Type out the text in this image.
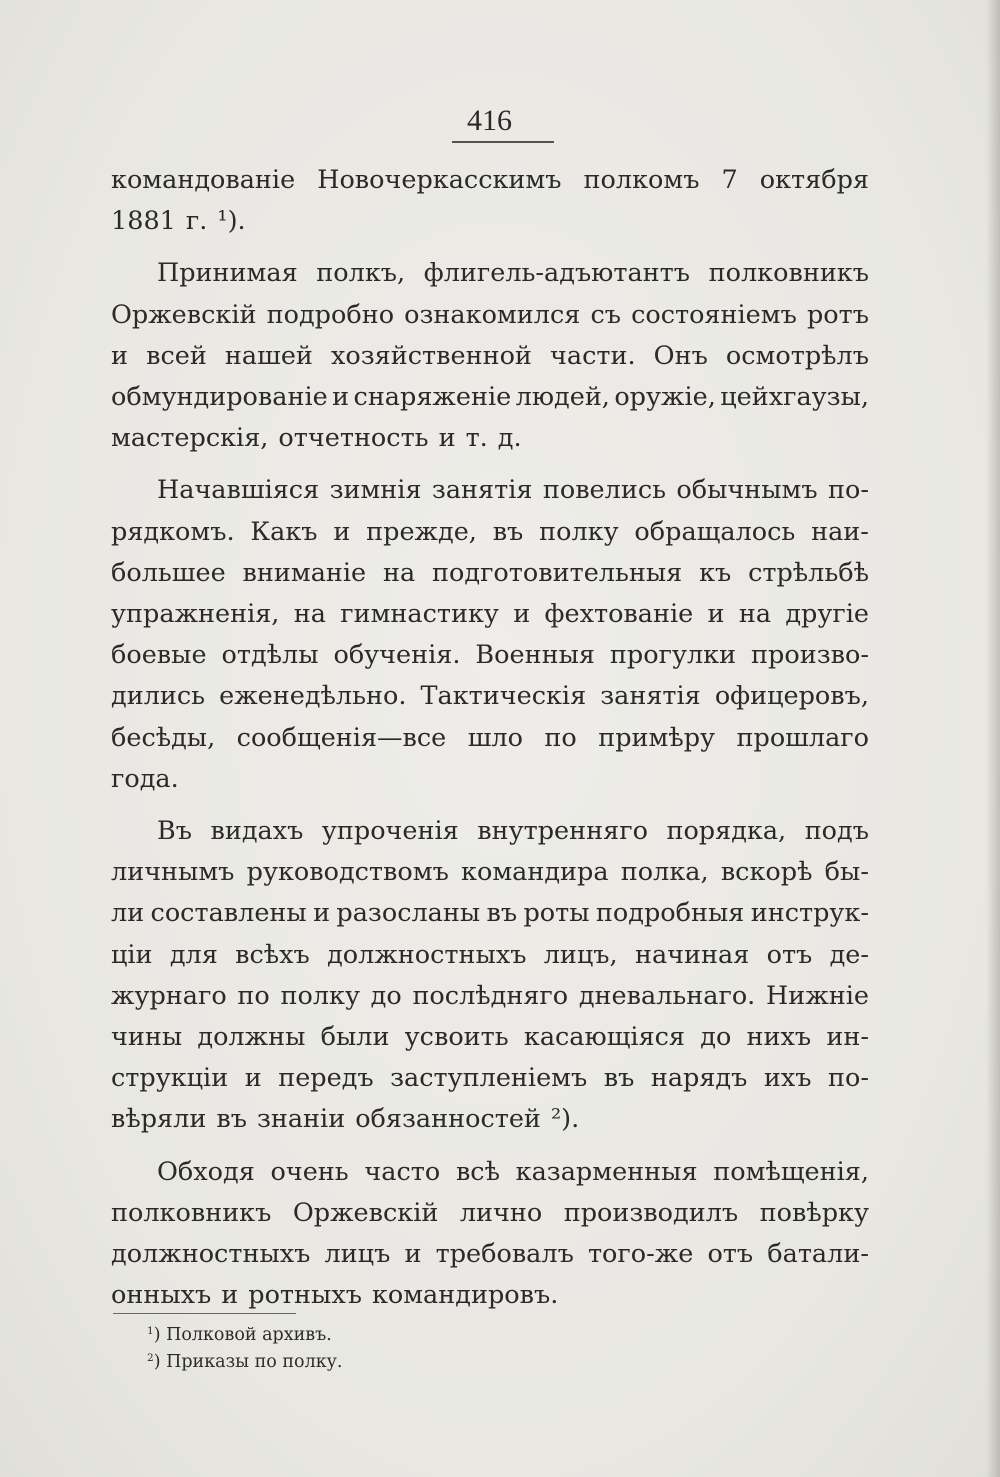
416
командованіе Новочеркасскимъ полкомъ 7 октября
1881 г. ¹).
Принимая полкъ, флигель-адъютантъ полковникъ
Оржевскій подробно ознакомился съ состояніемъ ротъ
и всей нашей хозяйственной части. Онъ осмотрѣлъ
обмундированіе и снаряженіе людей, оружіе, цейхгаузы,
мастерскія, отчетность и т. д.
Начавшіяся зимнія занятія повелись обычнымъ по-
рядкомъ. Какъ и прежде, въ полку обращалось наи-
большее вниманіе на подготовительныя къ стрѣльбѣ
упражненія, на гимнастику и фехтованіе и на другіе
боевые отдѣлы обученія. Военныя прогулки произво-
дились еженедѣльно. Тактическія занятія офицеровъ,
бесѣды, сообщенія—все шло по примѣру прошлаго
года.
Въ видахъ упроченія внутренняго порядка, подъ
личнымъ руководствомъ командира полка, вскорѣ бы-
ли составлены и разосланы въ роты подробныя инструк-
ціи для всѣхъ должностныхъ лицъ, начиная отъ де-
журнаго по полку до послѣдняго дневальнаго. Нижніе
чины должны были усвоить касающіяся до нихъ ин-
струкціи и передъ заступленіемъ въ нарядъ ихъ по-
вѣряли въ знаніи обязанностей ²).
Обходя очень часто всѣ казарменныя помѣщенія,
полковникъ Оржевскій лично производилъ повѣрку
должностныхъ лицъ и требовалъ того-же отъ батали-
онныхъ и ротныхъ командировъ.
$^1$) Полковой архивъ.
$^2$) Приказы по полку.
